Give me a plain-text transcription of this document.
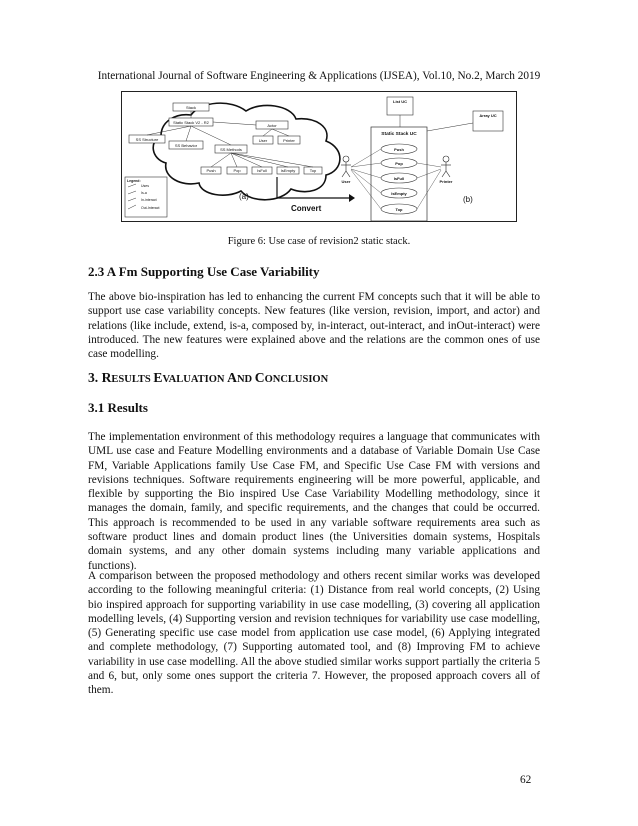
International Journal of Software Engineering & Applications (IJSEA), Vol.10, No.2, March 2019
Stack
Static Stack V2 - R2
Actor
SS Structure
SS Behavior
User	Printer
SS Methods
Push	Pop	IsFull	IsEmpty	Top
Legend:
Uses
Is-a
In-interact
Out-Interact
(a)
Convert
List UC
Array UC
Static Stack UC
Push
Pop
IsFull
IsEmpty
Top
User	Printer
(b)
Figure 6: Use case of revision2 static stack.
2.3 A Fm Supporting Use Case Variability
The above bio-inspiration has led to enhancing the current FM concepts such that it will be able to support use case variability concepts. New features (like version, revision, import, and actor) and relations (like include, extend, is-a, composed by, in-interact, out-interact, and inOut-interact) were introduced. The new features were explained above and the relations are the common ones of use case modelling.
3. RESULTS EVALUATION AND CONCLUSION
3.1 Results
The implementation environment of this methodology requires a language that communicates with UML use case and Feature Modelling environments and a database of Variable Domain Use Case FM, Variable Applications family Use Case FM, and Specific Use Case FM with versions and revisions techniques. Software requirements engineering will be more powerful, applicable, and flexible by supporting the Bio inspired Use Case Variability Modelling methodology, since it manages the domain, family, and specific requirements, and the changes that could be occurred. This approach is recommended to be used in any variable software requirements area such as software product lines and domain product lines (the Universities domain systems, Hospitals domain systems, and any other domain systems including many variable applications and functions).
A comparison between the proposed methodology and others recent similar works was developed according to the following meaningful criteria: (1) Distance from real world concepts, (2) Using bio inspired approach for supporting variability in use case modelling, (3) covering all application modelling levels, (4) Supporting version and revision techniques for variability use case modelling, (5) Generating specific use case model from application use case model, (6) Applying integrated and complete methodology, (7) Supporting automated tool, and (8) Improving FM to achieve variability in use case modelling. All the above studied similar works support partially the criteria 5 and 6, but, only some ones support the criteria 7. However, the proposed approach covers all of them.
62
